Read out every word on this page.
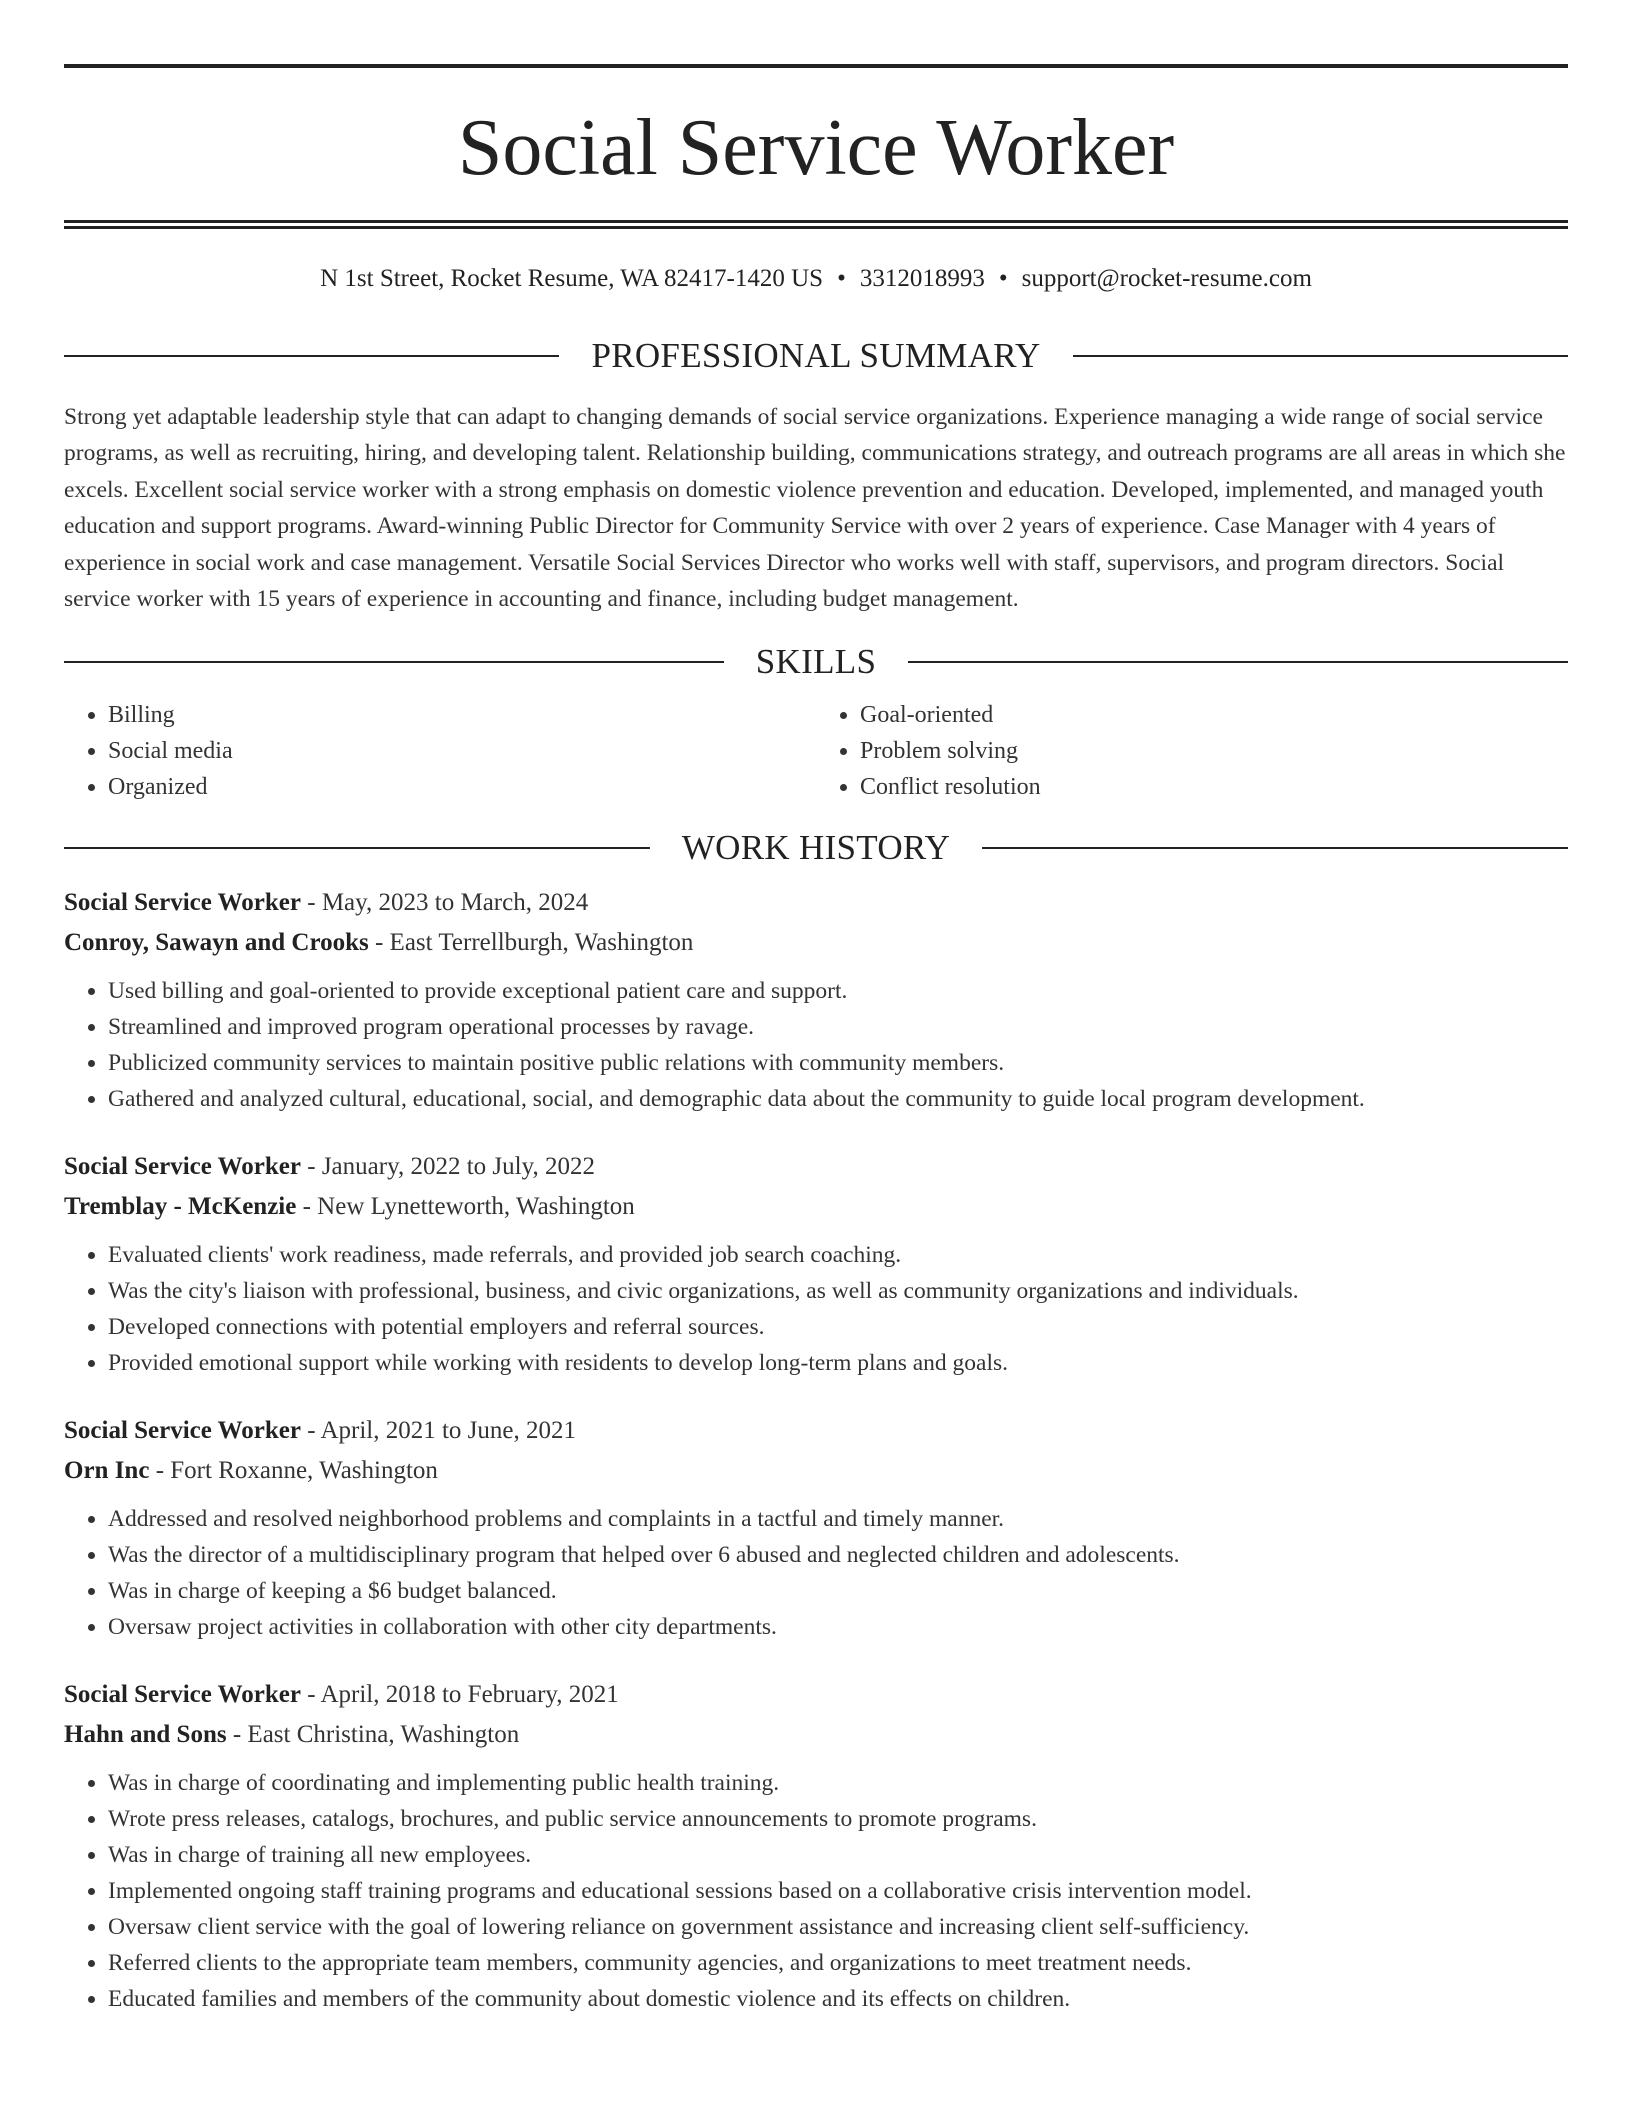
Social Service Worker
N 1st Street, Rocket Resume, WA 82417-1420 US • 3312018993 • support@rocket-resume.com
PROFESSIONAL SUMMARY
Strong yet adaptable leadership style that can adapt to changing demands of social service organizations. Experience managing a wide range of social service programs, as well as recruiting, hiring, and developing talent. Relationship building, communications strategy, and outreach programs are all areas in which she excels. Excellent social service worker with a strong emphasis on domestic violence prevention and education. Developed, implemented, and managed youth education and support programs. Award-winning Public Director for Community Service with over 2 years of experience. Case Manager with 4 years of experience in social work and case management. Versatile Social Services Director who works well with staff, supervisors, and program directors. Social service worker with 15 years of experience in accounting and finance, including budget management.
SKILLS
• Billing
• Social media
• Organized
• Goal-oriented
• Problem solving
• Conflict resolution
WORK HISTORY
Social Service Worker - May, 2023 to March, 2024
Conroy, Sawayn and Crooks - East Terrellburgh, Washington
• Used billing and goal-oriented to provide exceptional patient care and support.
• Streamlined and improved program operational processes by ravage.
• Publicized community services to maintain positive public relations with community members.
• Gathered and analyzed cultural, educational, social, and demographic data about the community to guide local program development.
Social Service Worker - January, 2022 to July, 2022
Tremblay - McKenzie - New Lynetteworth, Washington
• Evaluated clients' work readiness, made referrals, and provided job search coaching.
• Was the city's liaison with professional, business, and civic organizations, as well as community organizations and individuals.
• Developed connections with potential employers and referral sources.
• Provided emotional support while working with residents to develop long-term plans and goals.
Social Service Worker - April, 2021 to June, 2021
Orn Inc - Fort Roxanne, Washington
• Addressed and resolved neighborhood problems and complaints in a tactful and timely manner.
• Was the director of a multidisciplinary program that helped over 6 abused and neglected children and adolescents.
• Was in charge of keeping a $6 budget balanced.
• Oversaw project activities in collaboration with other city departments.
Social Service Worker - April, 2018 to February, 2021
Hahn and Sons - East Christina, Washington
• Was in charge of coordinating and implementing public health training.
• Wrote press releases, catalogs, brochures, and public service announcements to promote programs.
• Was in charge of training all new employees.
• Implemented ongoing staff training programs and educational sessions based on a collaborative crisis intervention model.
• Oversaw client service with the goal of lowering reliance on government assistance and increasing client self-sufficiency.
• Referred clients to the appropriate team members, community agencies, and organizations to meet treatment needs.
• Educated families and members of the community about domestic violence and its effects on children.
